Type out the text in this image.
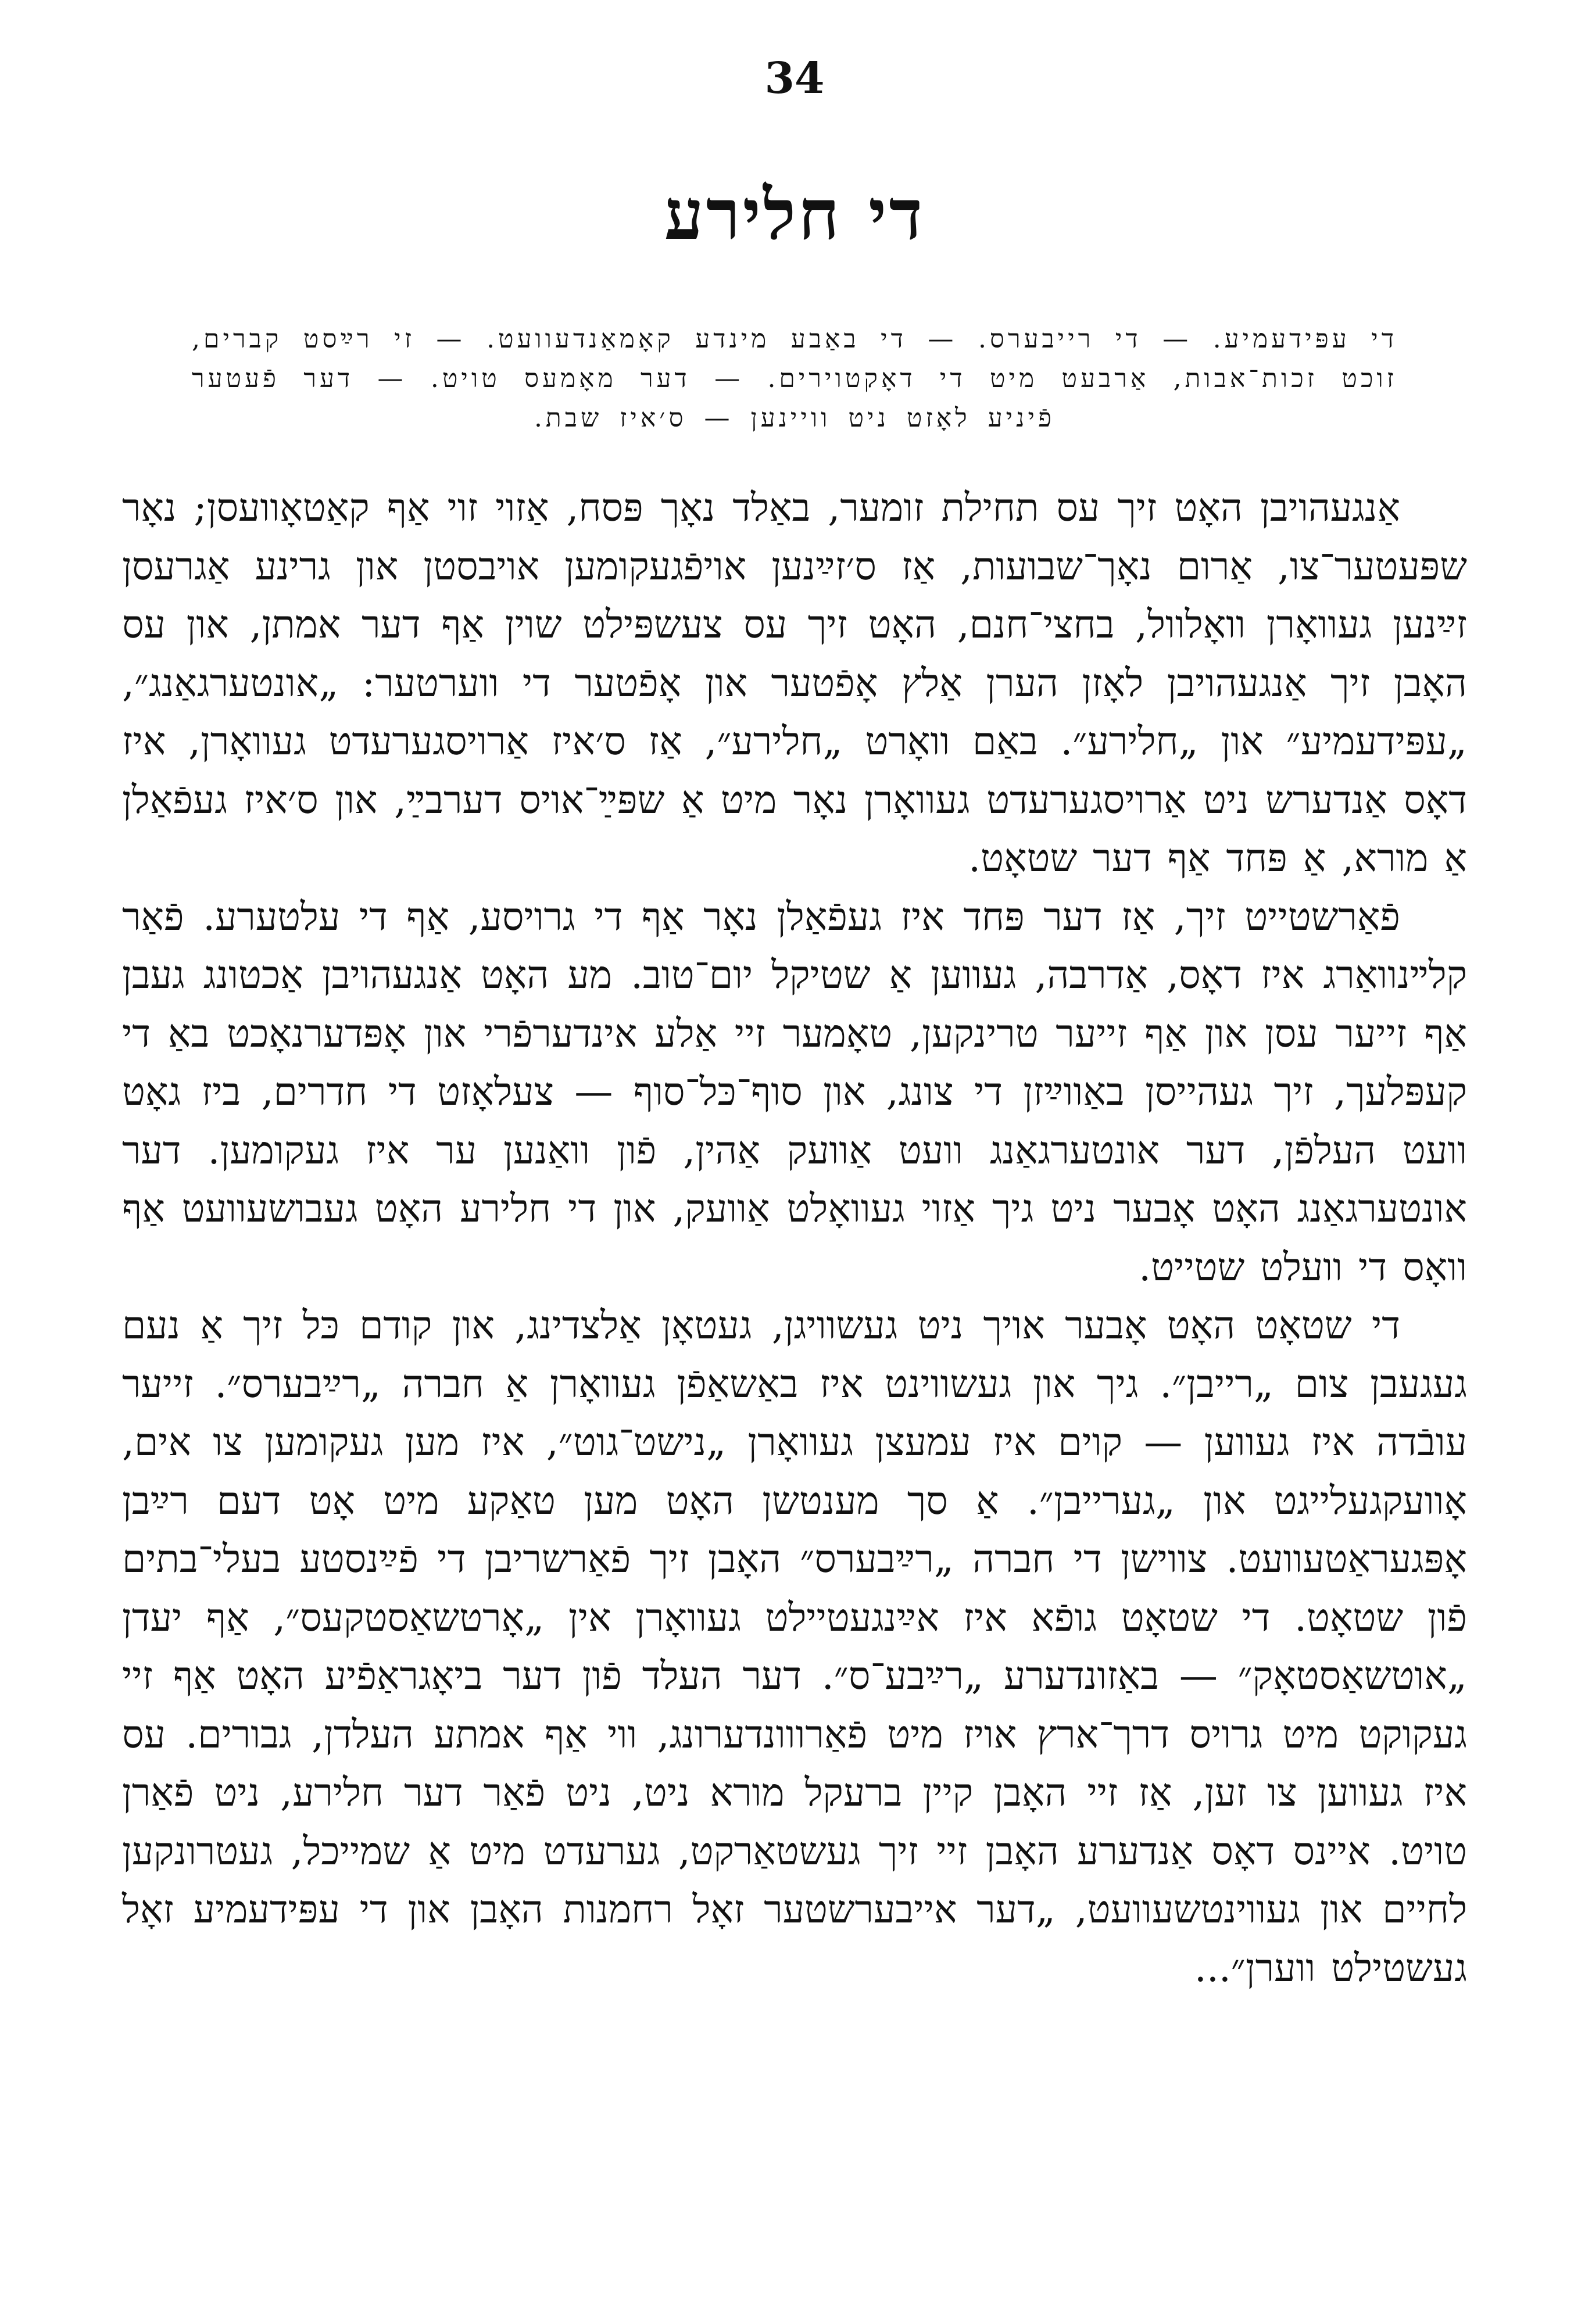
34
די חלירע

די עפּידעמיע. — די רייבערס. — די באַבע מינדע קאָמאַנדעוועט. — זי רײַסט קברים, זוכט זכות־אבות, אַרבעט מיט די דאָקטוירים. — דער מאָמעס טויט. — דער פֿעטער פֿיניע לאָזט ניט וויינען — ס׳איז שבת.

אַנגעהויבן האָט זיך עס תחילת זומער, באַלד נאָך פּסח, אַזוי זוי אַף קאַטאָוועסן; נאָר שפּעטער־צו, אַרום נאָך־שבועות, אַז ס׳זײַנען אויפֿגעקומען אויבסטן און גרינע אַגרעסן זײַנען געוואָרן וואָלוול, בחצי־חנם, האָט זיך עס צעשפּילט שוין אַף דער אמתן, און עס האָבן זיך אַנגעהויבן לאָזן הערן אַלץ אָפֿטער און אָפֿטער די ווערטער: „אונטערגאַנג״, „עפּידעמיע״ און „חלירע״. באַם וואָרט „חלירע״, אַז ס׳איז אַרויסגערעדט געוואָרן, איז דאָס אַנדערש ניט אַרויסגערעדט געוואָרן נאָר מיט אַ שפּײַ־אויס דערבײַ, און ס׳איז געפֿאַלן אַ מורא, אַ פּחד אַף דער שטאָט.

פֿאַרשטייט זיך, אַז דער פּחד איז געפֿאַלן נאָר אַף די גרויסע, אַף די עלטערע. פֿאַר קלײנוואַרג איז דאָס, אַדרבה, געווען אַ שטיקל יום־טוב. מע האָט אַנגעהויבן אַכטונג געבן אַף זייער עסן און אַף זייער טרינקען, טאָמער זיי אַלע אינדערפֿרי און אָפּדערנאָכט באַ די קעפּלעך, זיך געהייסן באַווײַזן די צונג, און סוף־כּל־סוף — צעלאָזט די חדרים, ביז גאָט וועט העלפֿן, דער אונטערגאַנג וועט אַוועק אַהין, פֿון וואַנען ער איז געקומען. דער אונטערגאַנג האָט אָבער ניט גיך אַזוי געוואָלט אַוועק, און די חלירע האָט געבושעוועט אַף וואָס די וועלט שטייט.

די שטאָט האָט אָבער אויך ניט געשוויגן, געטאָן אַלצדינג, און קודם כּל זיך אַ נעם געגעבן צום „רייבן״. גיך און געשווינט איז באַשאַפֿן געוואָרן אַ חברה „רײַבערס״. זייער עובֿדה איז געווען — קוים איז עמעצן געוואָרן „נישט־גוט״, איז מען געקומען צו אים, אָוועקגעלייגט און „גערייבן״. אַ סך מענטשן האָט מען טאַקע מיט אָט דעם רײַבן אָפּגעראַטעוועט. צווישן די חברה „רײַבערס״ האָבן זיך פֿאַרשריבן די פֿײַנסטע בעלי־בתים פֿון שטאָט. די שטאָט גופֿא איז אײַנגעטיילט געוואָרן אין „אָרטשאַסטקעס״, אַף יעדן „אוטשאַסטאָק״ — באַזונדערע „רײַבע־ס״. דער העלד פֿון דער ביאָגראַפֿיע האָט אַף זיי געקוקט מיט גרויס דרך־ארץ אויז מיט פֿאַרווונדערונג, ווי אַף אמתע העלדן, גבורים. עס איז געווען צו זען, אַז זיי האָבן קיין ברעקל מורא ניט, ניט פֿאַר דער חלירע, ניט פֿאַרן טויט. איינס דאָס אַנדערע האָבן זיי זיך געשטאַרקט, גערעדט מיט אַ שמייכל, געטרונקען לחיים און געווינטשעוועט, „דער אייבערשטער זאָל רחמנות האָבן און די עפּידעמיע זאָל געשטילט ווערן״...
